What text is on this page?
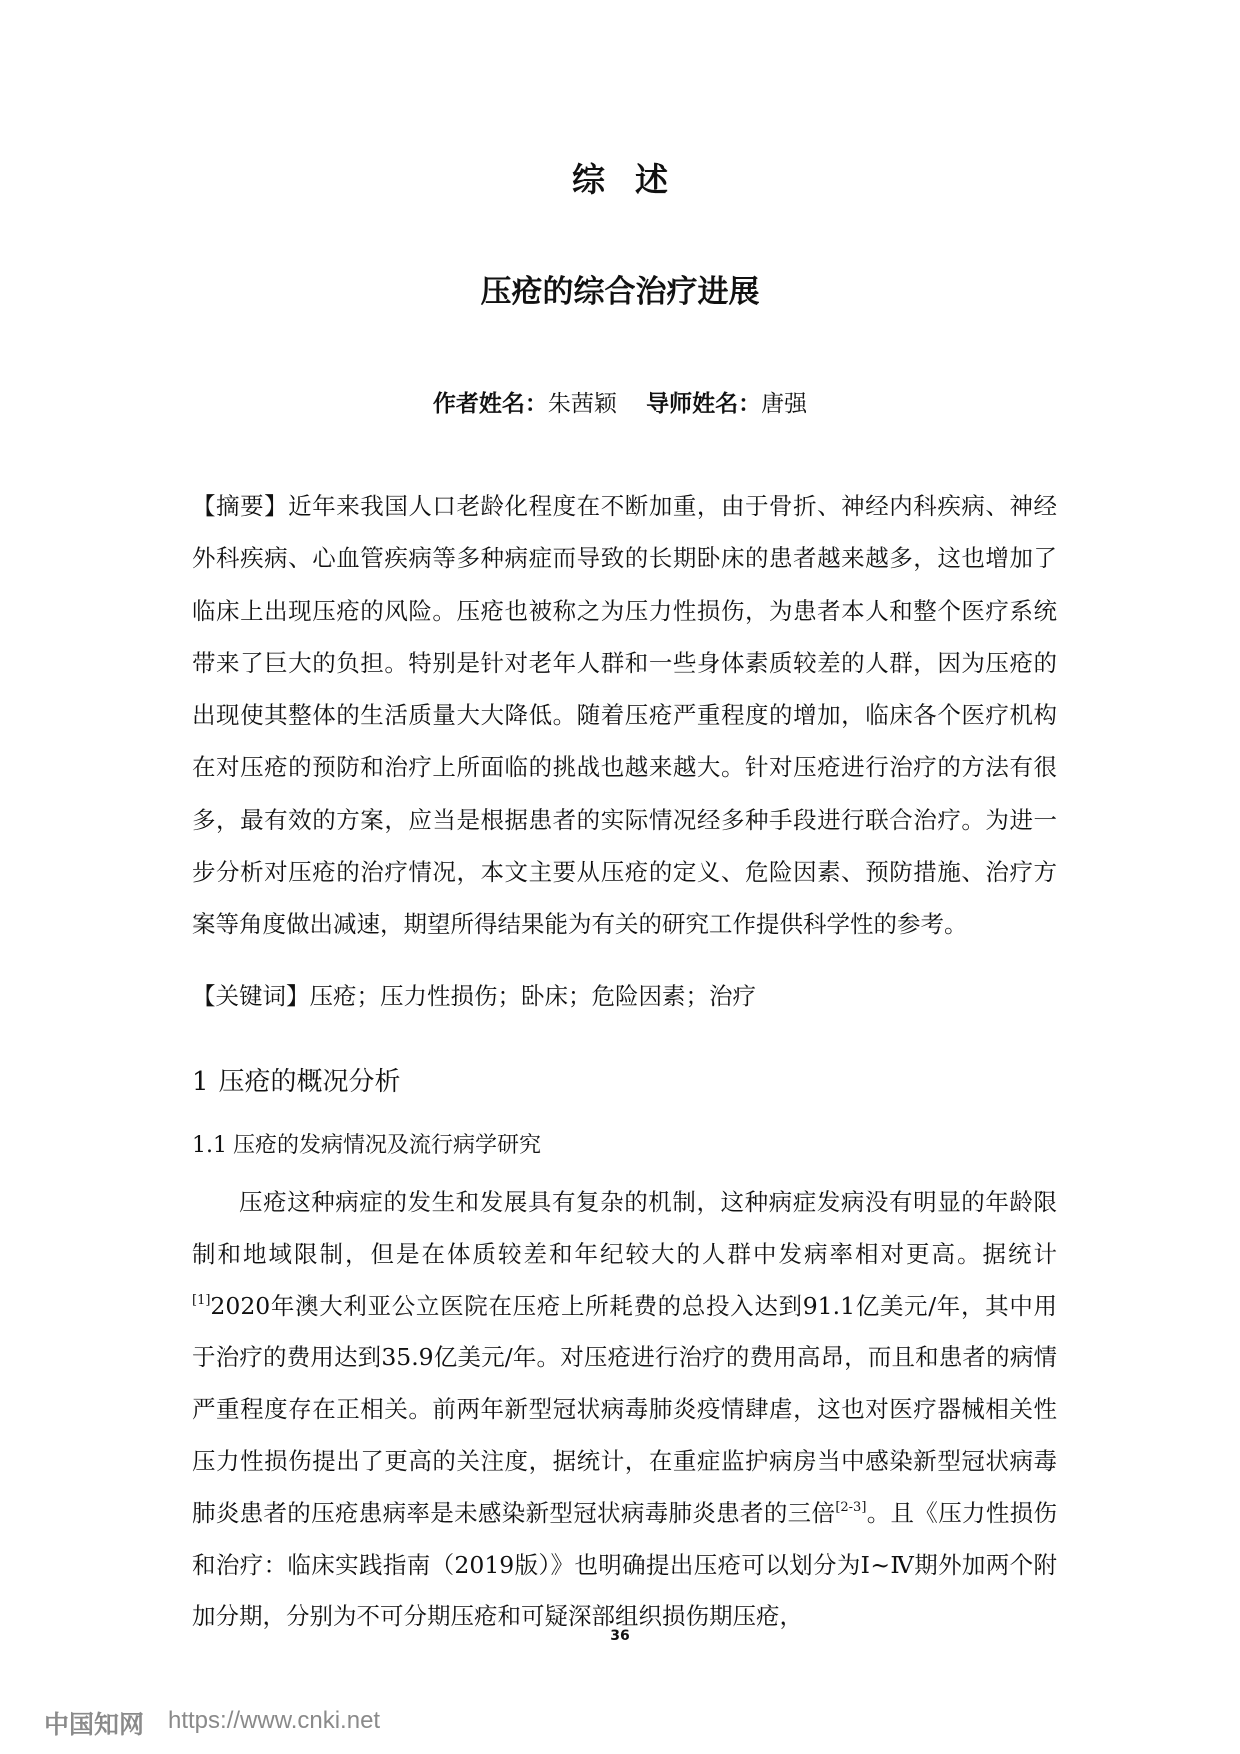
综述
压疮的综合治疗进展
作者姓名：朱茜颖 导师姓名：唐强
【摘要】近年来我国人口老龄化程度在不断加重，由于骨折、神经内科疾病、神经外科疾病、心血管疾病等多种病症而导致的长期卧床的患者越来越多，这也增加了临床上出现压疮的风险。压疮也被称之为压力性损伤，为患者本人和整个医疗系统带来了巨大的负担。特别是针对老年人群和一些身体素质较差的人群，因为压疮的出现使其整体的生活质量大大降低。随着压疮严重程度的增加，临床各个医疗机构在对压疮的预防和治疗上所面临的挑战也越来越大。针对压疮进行治疗的方法有很多，最有效的方案，应当是根据患者的实际情况经多种手段进行联合治疗。为进一步分析对压疮的治疗情况，本文主要从压疮的定义、危险因素、预防措施、治疗方案等角度做出减速，期望所得结果能为有关的研究工作提供科学性的参考。
【关键词】压疮；压力性损伤；卧床；危险因素；治疗
1 压疮的概况分析
1.1 压疮的发病情况及流行病学研究
压疮这种病症的发生和发展具有复杂的机制，这种病症发病没有明显的年龄限制和地域限制，但是在体质较差和年纪较大的人群中发病率相对更高。据统计[1]2020年澳大利亚公立医院在压疮上所耗费的总投入达到91.1亿美元/年，其中用于治疗的费用达到35.9亿美元/年。对压疮进行治疗的费用高昂，而且和患者的病情严重程度存在正相关。前两年新型冠状病毒肺炎疫情肆虐，这也对医疗器械相关性压力性损伤提出了更高的关注度，据统计，在重症监护病房当中感染新型冠状病毒肺炎患者的压疮患病率是未感染新型冠状病毒肺炎患者的三倍[2-3]。且《压力性损伤和治疗：临床实践指南（2019版）》也明确提出压疮可以划分为Ⅰ~Ⅳ期外加两个附加分期，分别为不可分期压疮和可疑深部组织损伤期压疮，
36
中国知网 https://www.cnki.net
